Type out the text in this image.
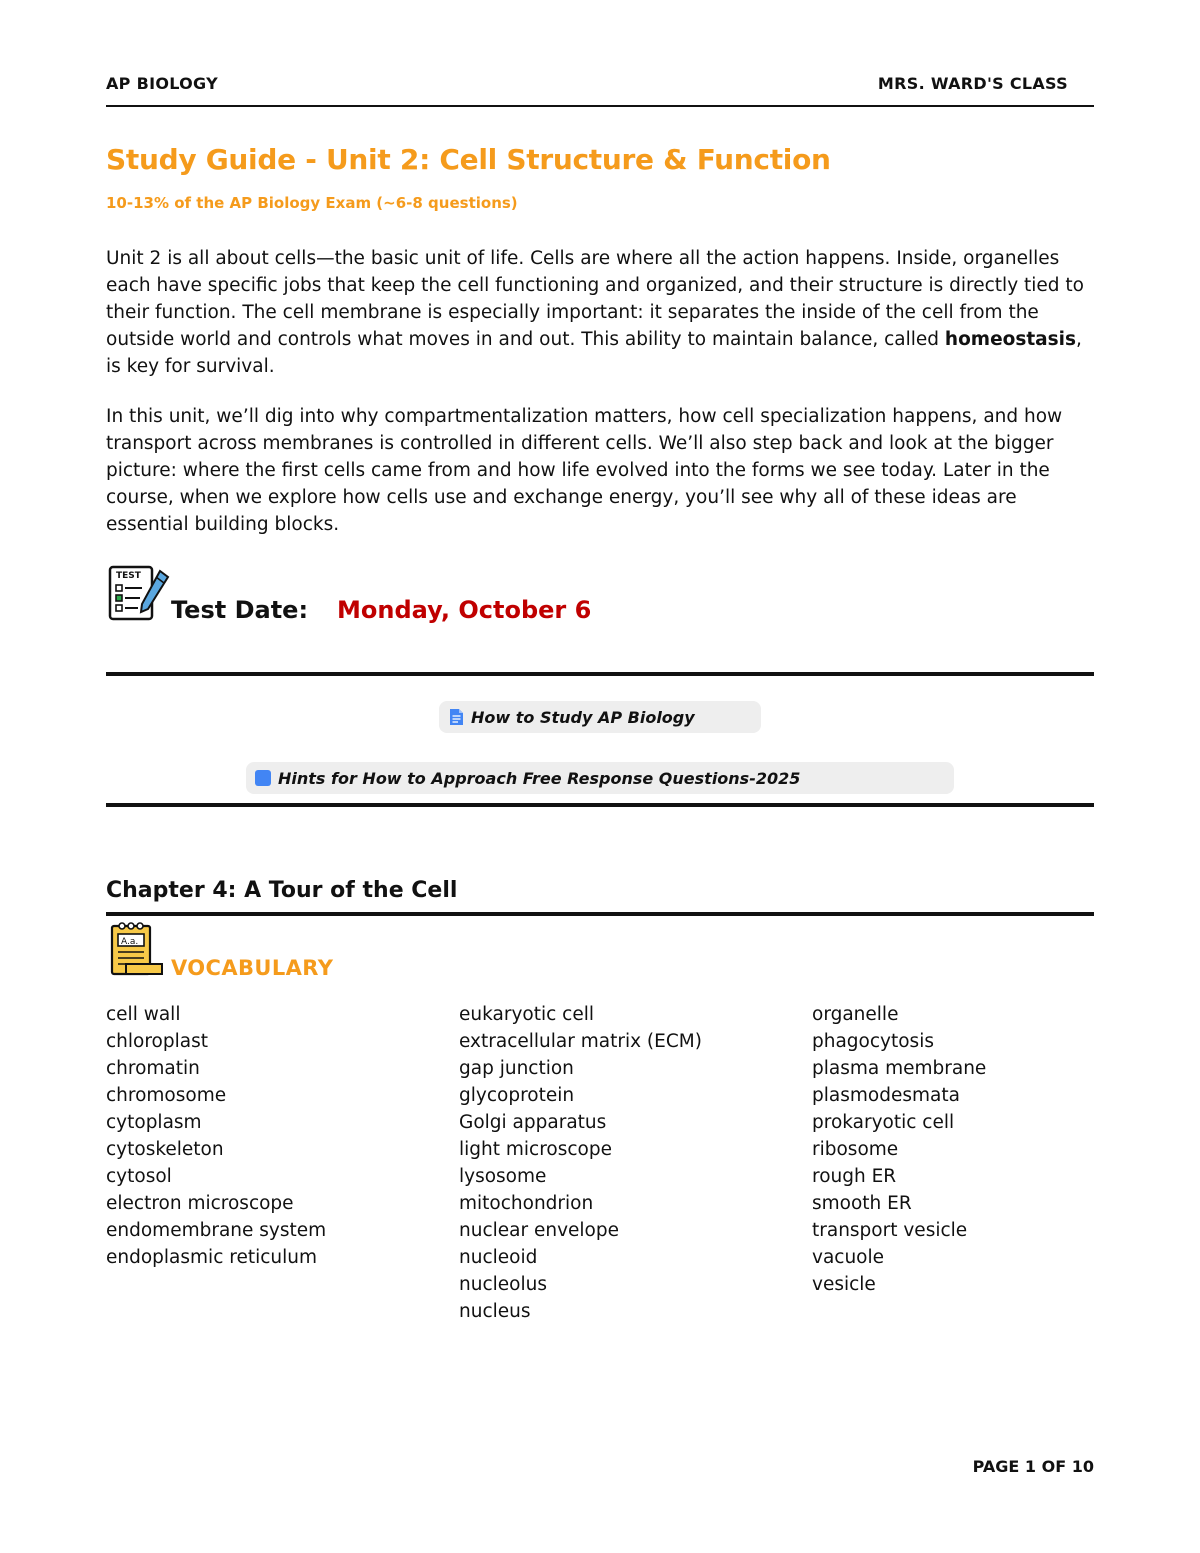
AP BIOLOGY	MRS. WARD'S CLASS
Study Guide - Unit 2: Cell Structure & Function
10-13% of the AP Biology Exam (~6-8 questions)

Unit 2 is all about cells—the basic unit of life. Cells are where all the action happens. Inside, organelles each have specific jobs that keep the cell functioning and organized, and their structure is directly tied to their function. The cell membrane is especially important: it separates the inside of the cell from the outside world and controls what moves in and out. This ability to maintain balance, called homeostasis, is key for survival.

In this unit, we’ll dig into why compartmentalization matters, how cell specialization happens, and how transport across membranes is controlled in different cells. We’ll also step back and look at the bigger picture: where the first cells came from and how life evolved into the forms we see today. Later in the course, when we explore how cells use and exchange energy, you’ll see why all of these ideas are essential building blocks.

TEST
Test Date: Monday, October 6
How to Study AP Biology
Hints for How to Approach Free Response Questions-2025
Chapter 4: A Tour of the Cell
A.a.
VOCABULARY
cell wall
chloroplast
chromatin
chromosome
cytoplasm
cytoskeleton
cytosol
electron microscope
endomembrane system
endoplasmic reticulum
eukaryotic cell
extracellular matrix (ECM)
gap junction
glycoprotein
Golgi apparatus
light microscope
lysosome
mitochondrion
nuclear envelope
nucleoid
nucleolus
nucleus
organelle
phagocytosis
plasma membrane
plasmodesmata
prokaryotic cell
ribosome
rough ER
smooth ER
transport vesicle
vacuole
vesicle
PAGE 1 OF 10
